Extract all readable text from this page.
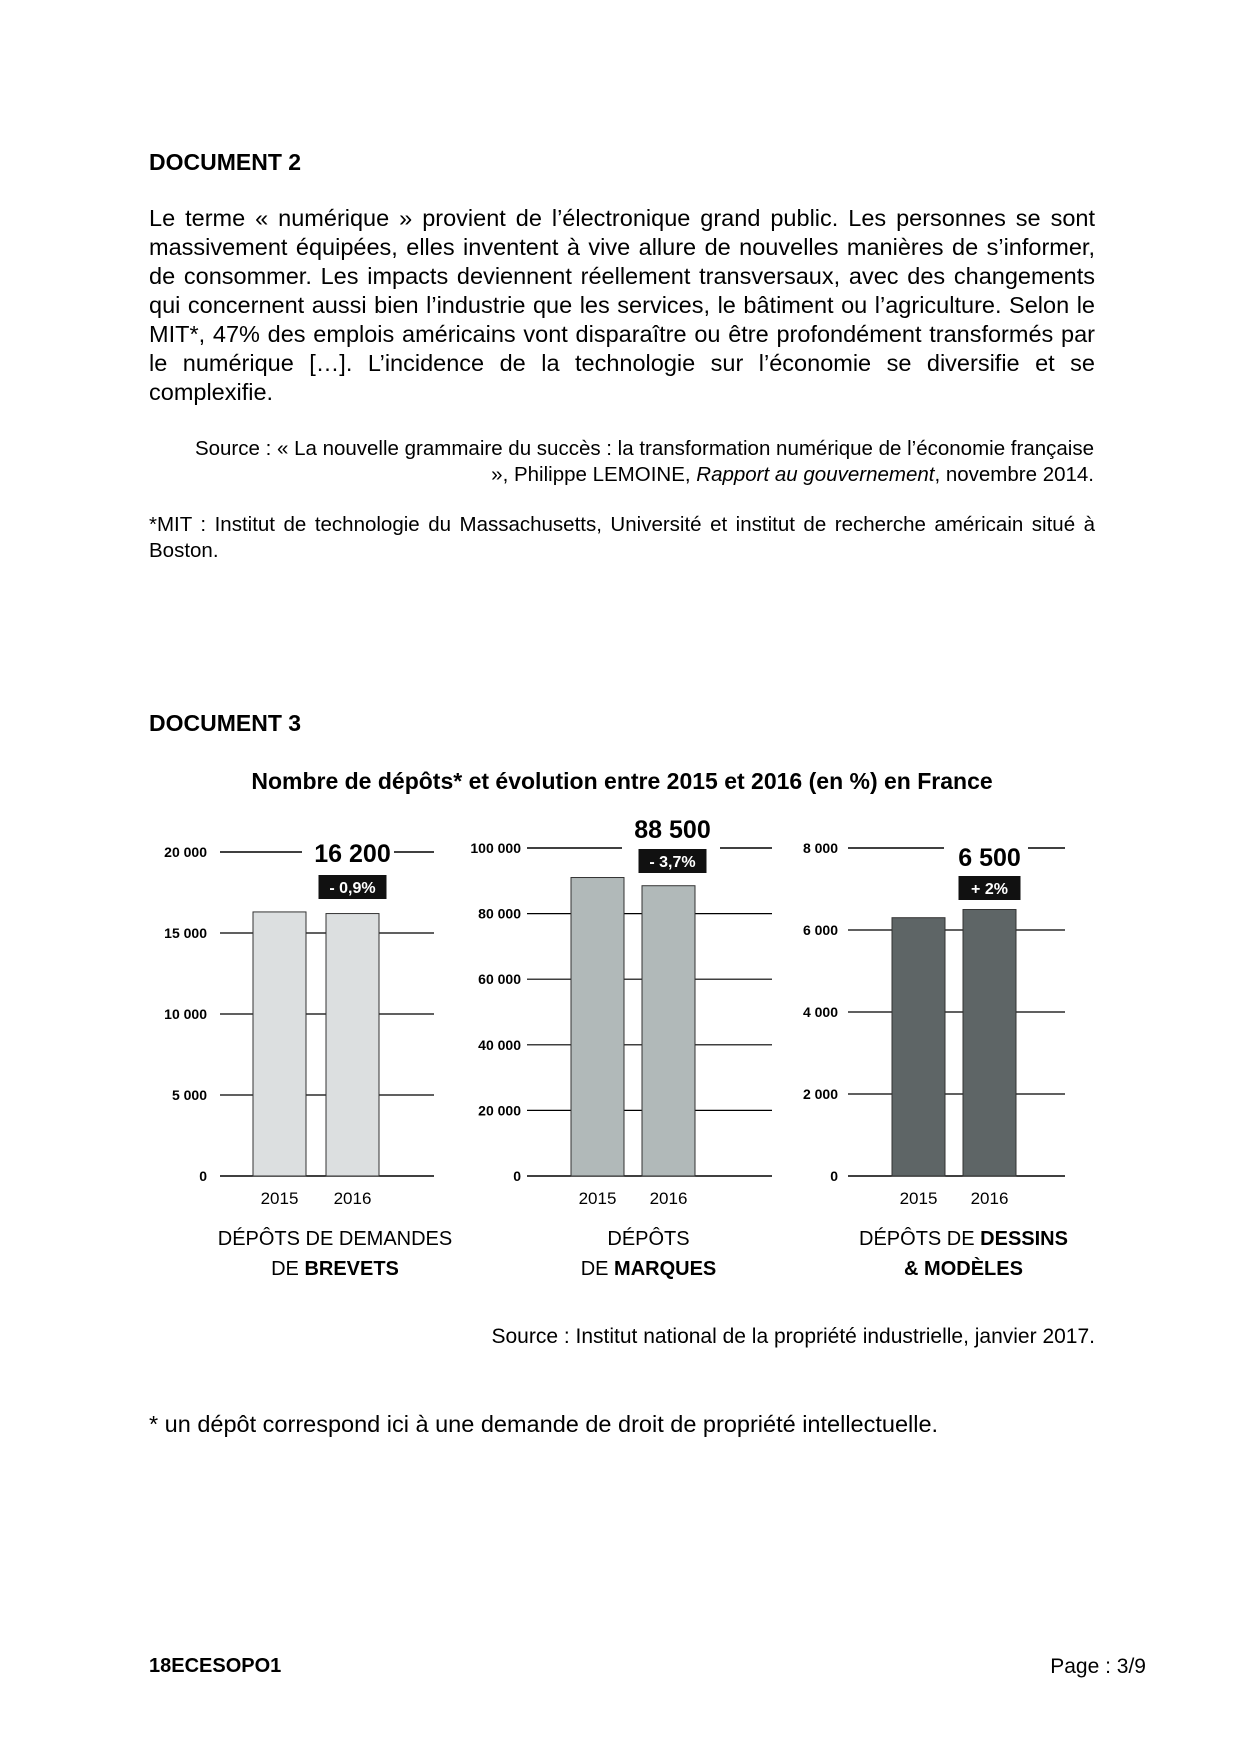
DOCUMENT 2
Le terme « numérique » provient de l’électronique grand public. Les personnes se sont massivement équipées, elles inventent à vive allure de nouvelles manières de s’informer, de consommer. Les impacts deviennent réellement transversaux, avec des changements qui concernent aussi bien l’industrie que les services, le bâtiment ou l’agriculture. Selon le MIT*, 47% des emplois américains vont disparaître ou être profondément transformés par le numérique […]. L’incidence de la technologie sur l’économie se diversifie et se complexifie.
Source : « La nouvelle grammaire du succès : la transformation numérique de l’économie française », Philippe LEMOINE, Rapport au gouvernement, novembre 2014.
*MIT : Institut de technologie du Massachusetts, Université et institut de recherche américain situé à Boston.
DOCUMENT 3
Nombre de dépôts* et évolution entre 2015 et 2016 (en %) en France
0
5 000
10 000
15 000
20 000
2015 2016
16 200
- 0,9%
DÉPÔTS DE DEMANDES
DE BREVETS
0
20 000
40 000
60 000
80 000
100 000
2015 2016
88 500
- 3,7%
DÉPÔTS
DE MARQUES
0
2 000
4 000
6 000
8 000
2015 2016
6 500
+ 2%
DÉPÔTS DE DESSINS
& MODÈLES
Source : Institut national de la propriété industrielle, janvier 2017.
* un dépôt correspond ici à une demande de droit de propriété intellectuelle.
18ECESOPO1	Page : 3/9
